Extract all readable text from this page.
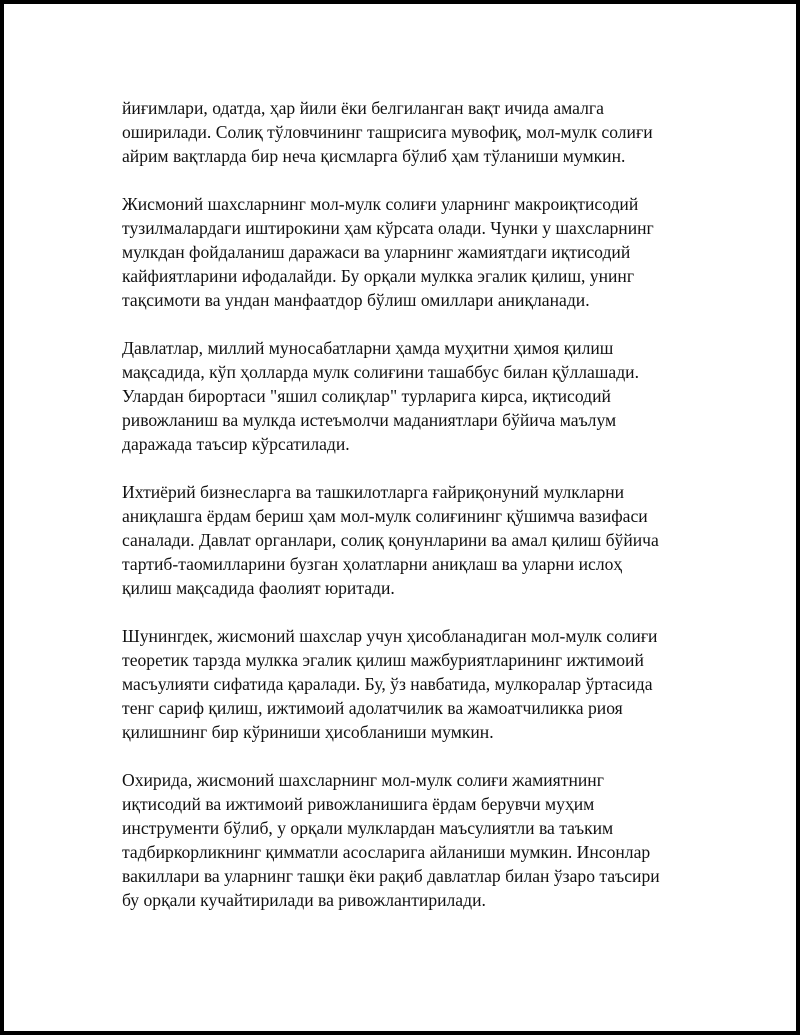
йиғимлари, одатда, ҳар йили ёки белгиланган вақт ичида амалга
оширилади. Солиқ тўловчининг ташрисига мувофиқ, мол-мулк солиғи
айрим вақтларда бир неча қисмларга бўлиб ҳам тўланиши мумкин.

Жисмоний шахсларнинг мол-мулк солиғи уларнинг макроиқтисодий
тузилмалардаги иштирокини ҳам кўрсата олади. Чунки у шахсларнинг
мулкдан фойдаланиш даражаси ва уларнинг жамиятдаги иқтисодий
кайфиятларини ифодалайди. Бу орқали мулкка эгалик қилиш, унинг
тақсимоти ва ундан манфаатдор бўлиш омиллари аниқланади.

Давлатлар, миллий муносабатларни ҳамда муҳитни ҳимоя қилиш
мақсадида, кўп ҳолларда мулк солиғини ташаббус билан қўллашади.
Улардан бирортаси "яшил солиқлар" турларига кирса, иқтисодий
ривожланиш ва мулкда истеъмолчи маданиятлари бўйича маълум
даражада таъсир кўрсатилади.

Ихтиёрий бизнесларга ва ташкилотларга ғайриқонуний мулкларни
аниқлашга ёрдам бериш ҳам мол-мулк солиғининг қўшимча вазифаси
саналади. Давлат органлари, солиқ қонунларини ва амал қилиш бўйича
тартиб-таомилларини бузган ҳолатларни аниқлаш ва уларни ислоҳ
қилиш мақсадида фаолият юритади.

Шунингдек, жисмоний шахслар учун ҳисобланадиган мол-мулк солиғи
теоретик тарзда мулкка эгалик қилиш мажбуриятларининг ижтимоий
масъулияти сифатида қаралади. Бу, ўз навбатида, мулкоралар ўртасида
тенг сариф қилиш, ижтимоий адолатчилик ва жамоатчиликка риоя
қилишнинг бир кўриниши ҳисобланиши мумкин.

Охирида, жисмоний шахсларнинг мол-мулк солиғи жамиятнинг
иқтисодий ва ижтимоий ривожланишига ёрдам берувчи муҳим
инструменти бўлиб, у орқали мулклардан маъсулиятли ва таъким
тадбиркорликнинг қимматли асосларига айланиши мумкин. Инсонлар
вакиллари ва уларнинг ташқи ёки рақиб давлатлар билан ўзаро таъсири
бу орқали кучайтирилади ва ривожлантирилади.
